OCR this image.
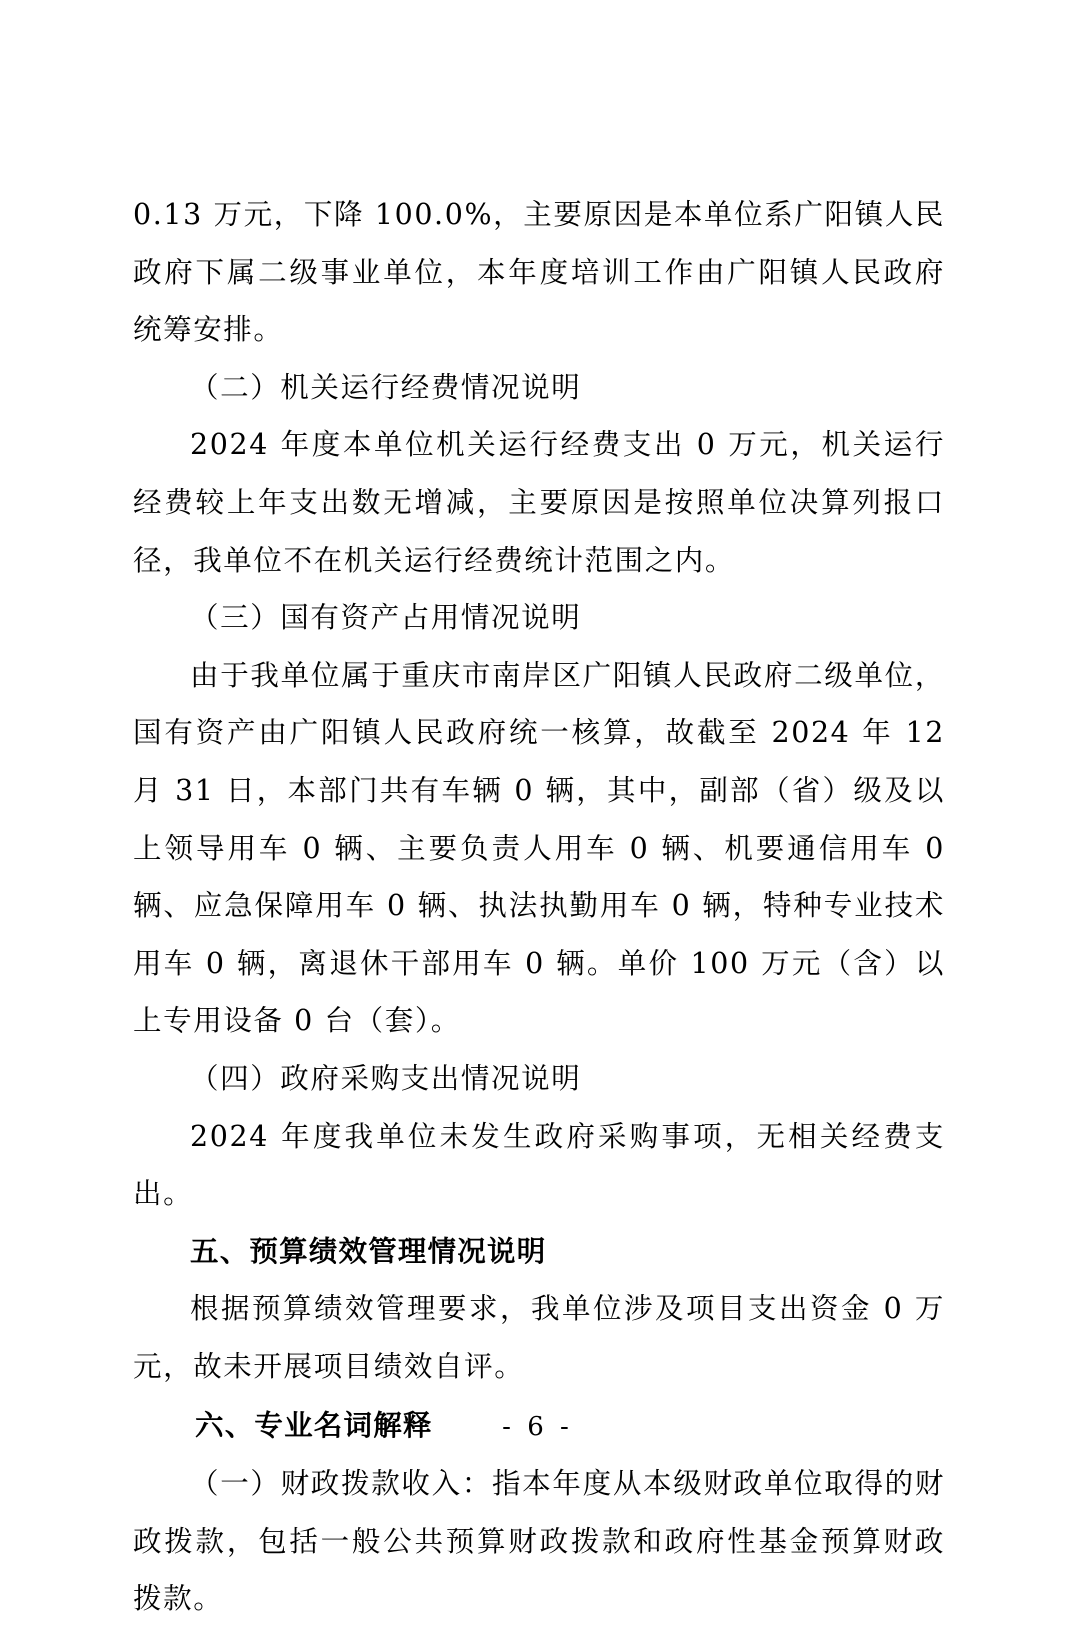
0.13 万元，下降 100.0%，主要原因是本单位系广阳镇人民政府下属二级事业单位，本年度培训工作由广阳镇人民政府统筹安排。

（二）机关运行经费情况说明

2024 年度本单位机关运行经费支出 0 万元，机关运行经费较上年支出数无增减，主要原因是按照单位决算列报口径，我单位不在机关运行经费统计范围之内。

（三）国有资产占用情况说明

由于我单位属于重庆市南岸区广阳镇人民政府二级单位，国有资产由广阳镇人民政府统一核算，故截至 2024 年 12 月 31 日，本部门共有车辆 0 辆，其中，副部（省）级及以上领导用车 0 辆、主要负责人用车 0 辆、机要通信用车 0 辆、应急保障用车 0 辆、执法执勤用车 0 辆，特种专业技术用车 0 辆，离退休干部用车 0 辆。单价 100 万元（含）以上专用设备 0 台（套）。

（四）政府采购支出情况说明

2024 年度我单位未发生政府采购事项，无相关经费支出。

五、预算绩效管理情况说明

根据预算绩效管理要求，我单位涉及项目支出资金 0 万元，故未开展项目绩效自评。

六、专业名词解释

（一）财政拨款收入：指本年度从本级财政单位取得的财政拨款，包括一般公共预算财政拨款和政府性基金预算财政拨款。

- 6 -
